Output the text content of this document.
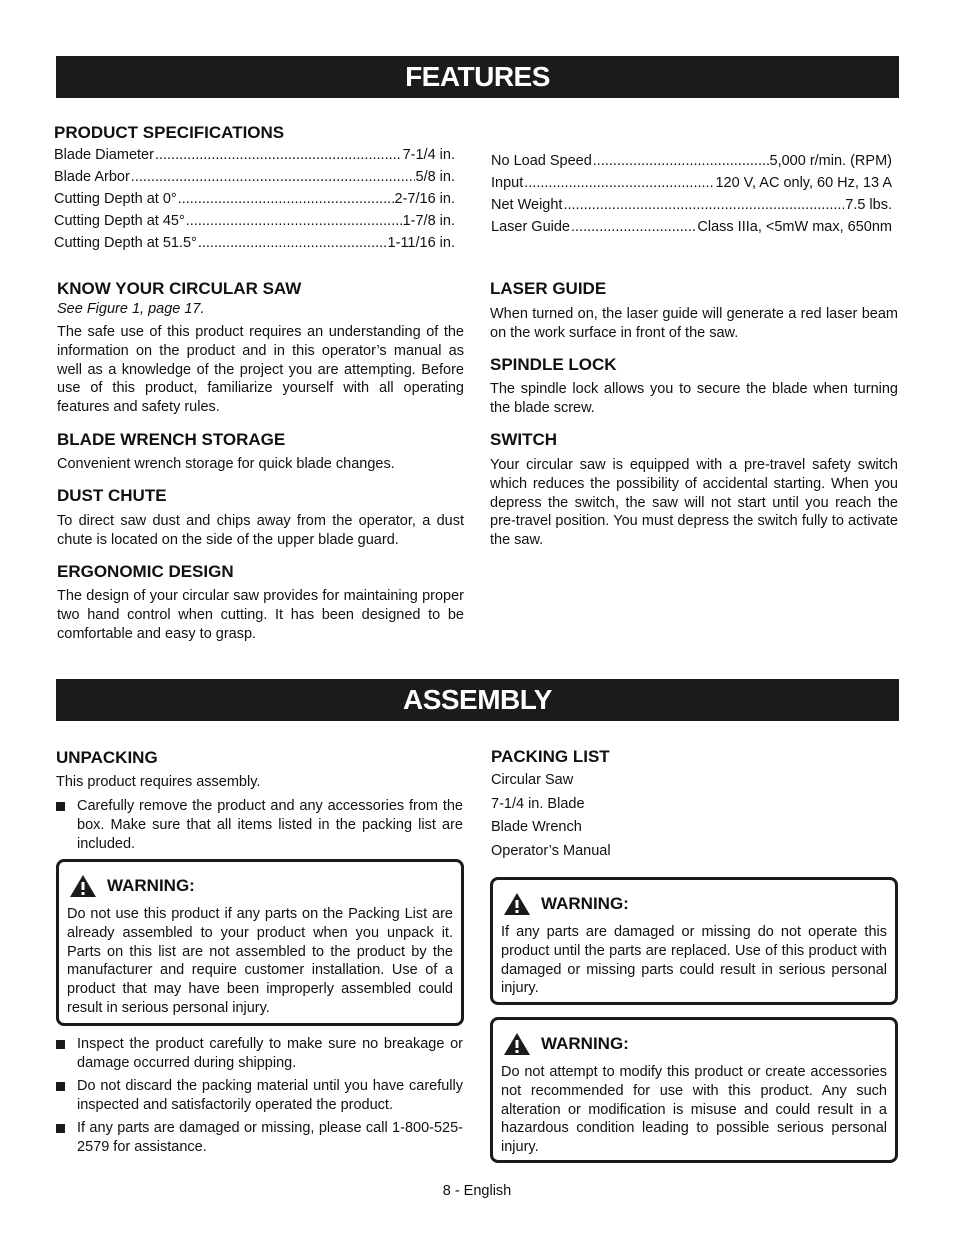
FEATURES
PRODUCT SPECIFICATIONS
Blade Diameter .....	7-1/4 in.
Blade Arbor .....	5/8 in.
Cutting Depth at 0° .....	2-7/16 in.
Cutting Depth at 45° .....	1-7/8 in.
Cutting Depth at 51.5° .....	1-11/16 in.
No Load Speed .....	5,000 r/min. (RPM)
Input .....	120 V, AC only, 60 Hz, 13 A
Net Weight .....	7.5 lbs.
Laser Guide .....	Class IIIa, <5mW max, 650nm
KNOW YOUR CIRCULAR SAW
See Figure 1, page 17.
The safe use of this product requires an understanding of the information on the product and in this operator’s manual as well as a knowledge of the project you are attempting. Before use of this product, familiarize yourself with all operating features and safety rules.
BLADE WRENCH STORAGE
Convenient wrench storage for quick blade changes.
DUST CHUTE
To direct saw dust and chips away from the operator, a dust chute is located on the side of the upper blade guard.
ERGONOMIC DESIGN
The design of your circular saw provides for maintaining proper two hand control when cutting. It has been designed to be comfortable and easy to grasp.
LASER GUIDE
When turned on, the laser guide will generate a red laser beam on the work surface in front of the saw.
SPINDLE LOCK
The spindle lock allows you to secure the blade when turning the blade screw.
SWITCH
Your circular saw is equipped with a pre-travel safety switch which reduces the possibility of accidental starting. When you depress the switch, the saw will not start until you reach the pre-travel position. You must depress the switch fully to activate the saw.
ASSEMBLY
UNPACKING
This product requires assembly.
Carefully remove the product and any accessories from the box. Make sure that all items listed in the packing list are included.
WARNING:
Do not use this product if any parts on the Packing List are already assembled to your product when you unpack it. Parts on this list are not assembled to the product by the manufacturer and require customer installation. Use of a product that may have been improperly assembled could result in serious personal injury.
Inspect the product carefully to make sure no breakage or damage occurred during shipping.
Do not discard the packing material until you have carefully inspected and satisfactorily operated the product.
If any parts are damaged or missing, please call 1-800-525-2579 for assistance.
PACKING LIST
Circular Saw
7-1/4 in. Blade
Blade Wrench
Operator’s Manual
WARNING:
If any parts are damaged or missing do not operate this product until the parts are replaced. Use of this product with damaged or missing parts could result in serious personal injury.
WARNING:
Do not attempt to modify this product or create accessories not recommended for use with this product. Any such alteration or modification is misuse and could result in a hazardous condition leading to possible serious personal injury.
8 - English
